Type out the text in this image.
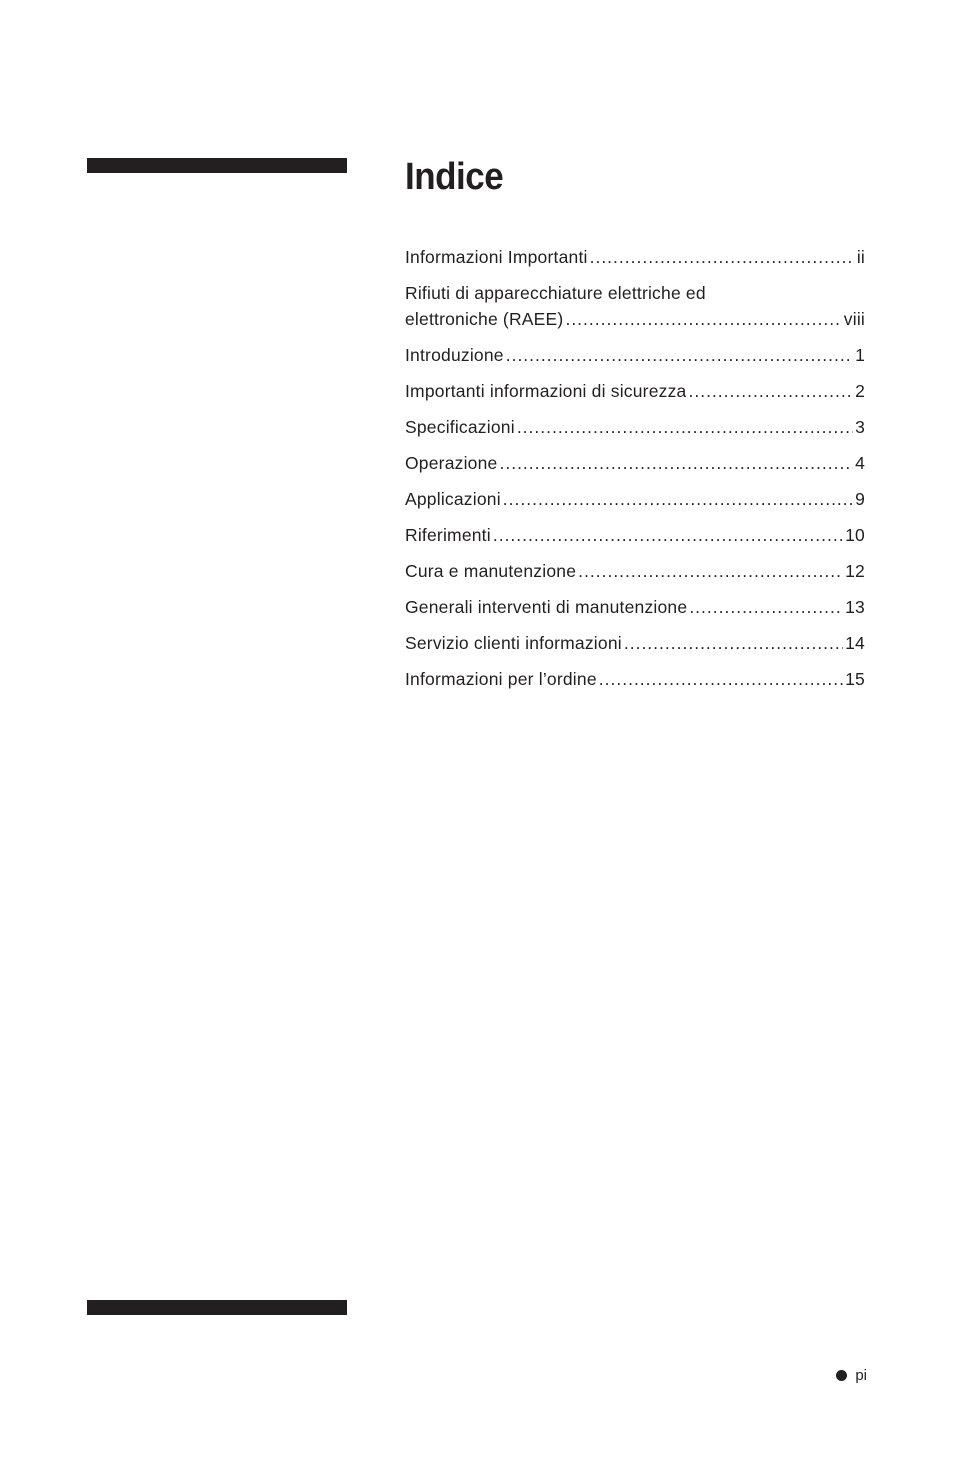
Indice
Informazioni Importanti .....	ii
Rifiuti di apparecchiature elettriche ed
elettroniche (RAEE) .....	viii
Introduzione .....	1
Importanti informazioni di sicurezza .....	2
Specificazioni .....	3
Operazione .....	4
Applicazioni .....	9
Riferimenti .....	10
Cura e manutenzione .....	12
Generali interventi di manutenzione .....	13
Servizio clienti informazioni .....	14
Informazioni per l’ordine .....	15
pi
